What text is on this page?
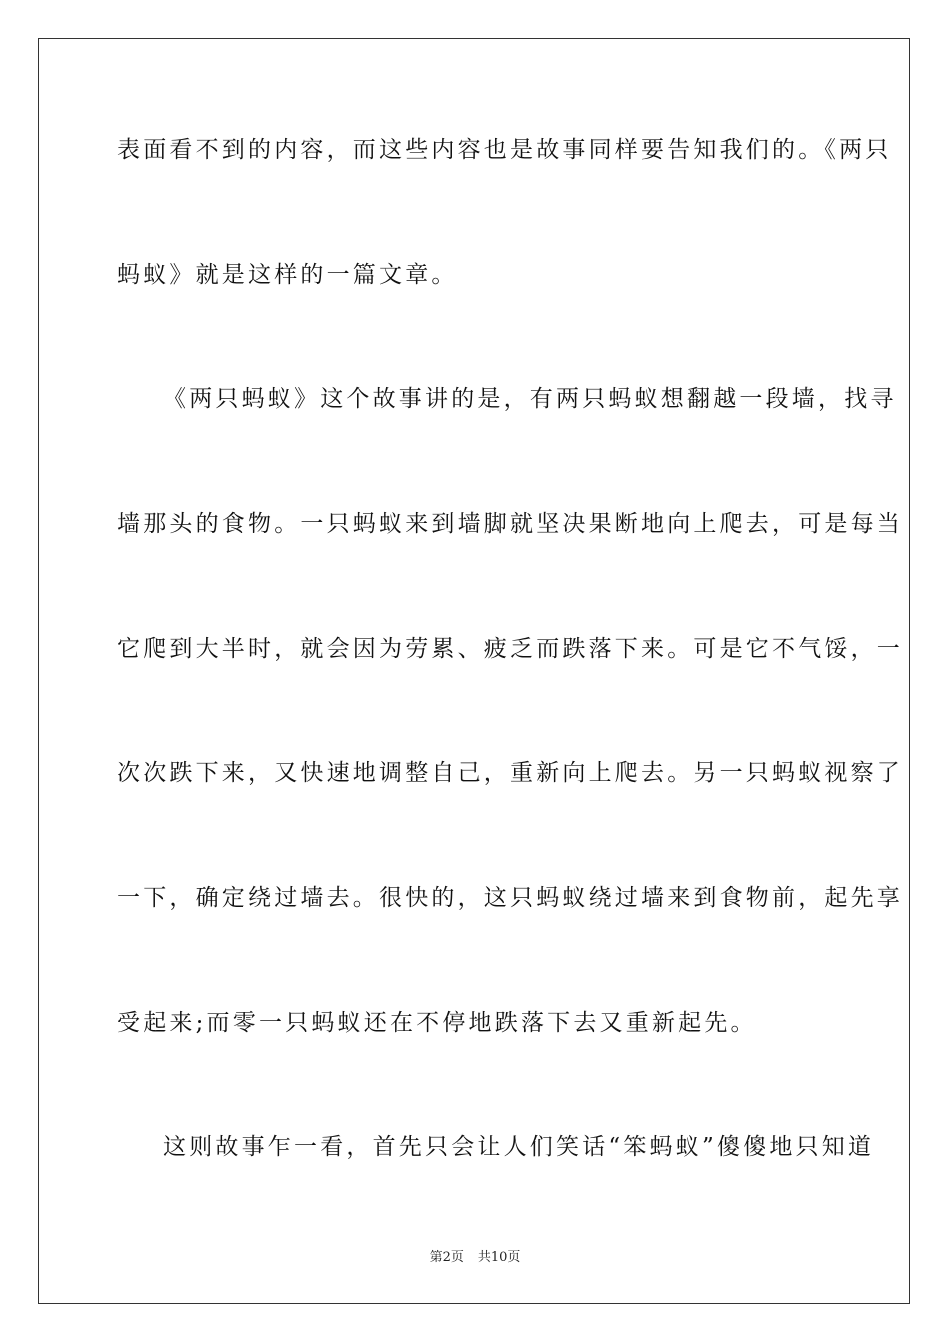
表面看不到的内容，而这些内容也是故事同样要告知我们的。《两只
蚂蚁》就是这样的一篇文章。
《两只蚂蚁》这个故事讲的是，有两只蚂蚁想翻越一段墙，找寻
墙那头的食物。一只蚂蚁来到墙脚就坚决果断地向上爬去，可是每当
它爬到大半时，就会因为劳累、疲乏而跌落下来。可是它不气馁，一
次次跌下来，又快速地调整自己，重新向上爬去。另一只蚂蚁视察了
一下，确定绕过墙去。很快的，这只蚂蚁绕过墙来到食物前，起先享
受起来;而零一只蚂蚁还在不停地跌落下去又重新起先。
这则故事乍一看，首先只会让人们笑话“笨蚂蚁”傻傻地只知道
第2页 共10页
